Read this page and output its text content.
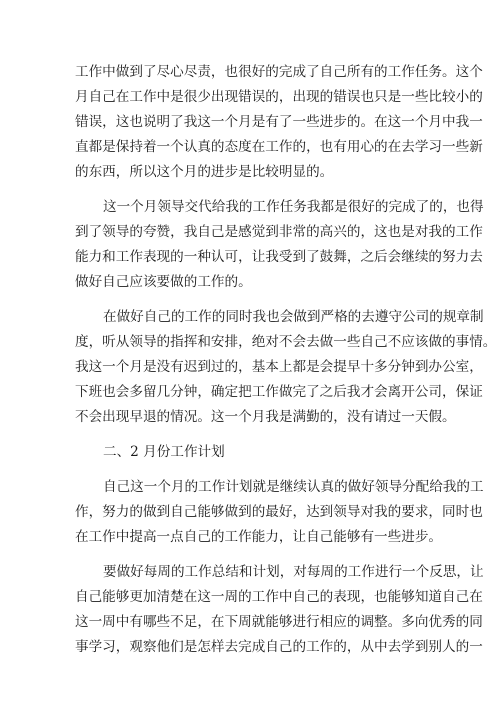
工作中做到了尽心尽责，也很好的完成了自己所有的工作任务。这个
月自己在工作中是很少出现错误的，出现的错误也只是一些比较小的
错误，这也说明了我这一个月是有了一些进步的。在这一个月中我一
直都是保持着一个认真的态度在工作的，也有用心的在去学习一些新
的东西，所以这个月的进步是比较明显的。
这一个月领导交代给我的工作任务我都是很好的完成了的，也得
到了领导的夸赞，我自己是感觉到非常的高兴的，这也是对我的工作
能力和工作表现的一种认可，让我受到了鼓舞，之后会继续的努力去
做好自己应该要做的工作的。
在做好自己的工作的同时我也会做到严格的去遵守公司的规章制
度，听从领导的指挥和安排，绝对不会去做一些自己不应该做的事情。
我这一个月是没有迟到过的，基本上都是会提早十多分钟到办公室，
下班也会多留几分钟，确定把工作做完了之后我才会离开公司，保证
不会出现早退的情况。这一个月我是满勤的，没有请过一天假。
二、2 月份工作计划
自己这一个月的工作计划就是继续认真的做好领导分配给我的工
作，努力的做到自己能够做到的最好，达到领导对我的要求，同时也
在工作中提高一点自己的工作能力，让自己能够有一些进步。
要做好每周的工作总结和计划，对每周的工作进行一个反思，让
自己能够更加清楚在这一周的工作中自己的表现，也能够知道自己在
这一周中有哪些不足，在下周就能够进行相应的调整。多向优秀的同
事学习，观察他们是怎样去完成自己的工作的，从中去学到别人的一
